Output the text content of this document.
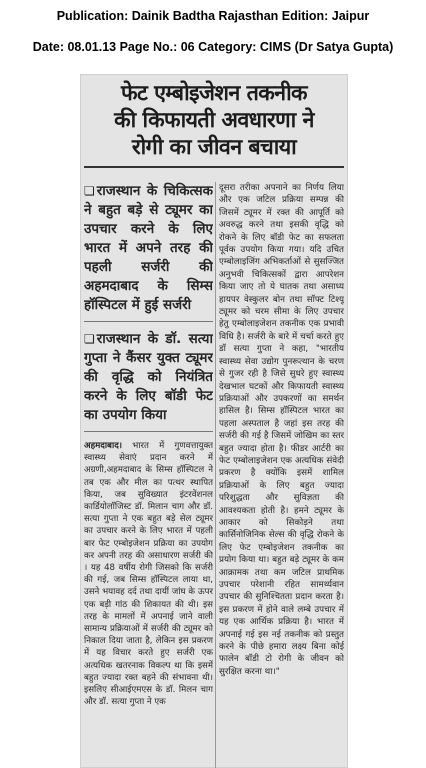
Publication: Dainik Badtha Rajasthan Edition: Jaipur
Date: 08.01.13 Page No.: 06 Category: CIMS (Dr Satya Gupta)
फेट एम्बोइजेशन तकनीक
की किफायती अवधारणा ने
रोगी का जीवन बचाया

❏ राजस्थान के चिकित्सक ने बहुत बड़े से ट्यूमर का उपचार करने के लिए भारत में अपने तरह की पहली सर्जरी की अहमदाबाद के सिम्स हॉस्पिटल में हुई सर्जरी

❏ राजस्थान के डॉ. सत्या गुप्ता ने कैंसर युक्त ट्यूमर की वृद्धि को नियंत्रित करने के लिए बॉडी फेट का उपयोग किया

अहमदाबाद। भारत में गुणवत्तायुक्त स्वास्थ्य सेवाएं प्रदान करने में अग्रणी,अहमदाबाद के सिम्स हॉस्पिटल ने तब एक और मील का पत्थर स्थापित किया, जब सुविख्यात इंटरवेंशनल कार्डियोलॉजिस्ट डॉ. मिलान चाग और डॉ. सत्या गुप्ता ने एक बहुत बड़े सेल ट्यूमर का उपचार करने के लिए भारत में पहली बार फेट एम्बोइजेशन प्रक्रिया का उपयोग कर अपनी तरह की असाधारण सर्जरी की । यह 48 वर्षीय रोगी जिसको कि सर्जरी की गई, जब सिम्स हॉस्पिटल लाया था, उसने भयावह दर्द तथा दायीं जांघ के ऊपर एक बड़ी गांठ की शिकायत की थी। इस तरह के मामलों में अपनाई जाने वाली सामान्य प्रक्रियाओं में सर्जरी की ट्यूमर को निकाल दिया जाता है, लेकिन इस प्रकरण में यह विचार करते हुए सर्जरी एक अत्यधिक खतरनाक विकल्प था कि इसमें बहुत ज्यादा रक्त बहने की संभावना थी। इसलिए सीआईएमएस के डॉ. मिलन चाग और डॉ. सत्या गुप्ता ने एक

दूसरा तरीका अपनाने का निर्णय लिया और एक जटिल प्रक्रिया सम्पन्न की जिसमें ट्यूमर में रक्त की आपूर्ति को अवरुद्ध करने तथा इसकी वृद्धि को रोकने के लिए बॉडी फेट का सफलता पूर्वक उपयोग किया गया। यदि उचित एम्बोलाइजिंग अभिकर्ताओं से सुसज्जित अनुभवी चिकित्सकों द्वारा आपरेशन किया जाए तो ये घातक तथा असाध्य हायपर वेस्कुलर बोन तथा सॉफ्ट टिश्यू ट्यूमर को चरम सीमा के लिए उपचार हेतु एम्बोलाइजेशन तकनीक एक प्रभावी विधि है। सर्जरी के बारे में चर्चा करते हुए डॉ सत्या गुप्ता ने कहा, "भारतीय स्वास्थ्य सेवा उद्योग पुनरूत्थान के चरण से गुजर रही है जिसे सुधरे हुए स्वास्थ्य देखभाल घटकों और किफायती स्वास्थ्य प्रक्रियाओं और उपकरणों का समर्थन हासिल है। सिम्स हॉस्पिटल भारत का पहला अस्पताल है जहां इस तरह की सर्जरी की गई है जिसमें जोखिम का स्तर बहुत ज्यादा होता है। फीडर आर्टरी का फेट एम्बोलाइजेशन एक अत्यधिक संवेदी प्रकरण है क्योंकि इसमें शामिल प्रक्रियाओं के लिए बहुत ज्यादा परिशुद्धता और सुविज्ञता की आवश्यकता होती है। हमने ट्यूमर के आकार को सिकोड़ने तथा कार्सिनोजिनिक सेल्स की वृद्धि रोकने के लिए फेट एम्बोइजेशन तकनीक का प्रयोग किया था। बहुत बड़े ट्यूमर के कम आक्रामक तथा कम जटिल प्राथमिक उपचार परेशानी रहित सामर्थ्यवान उपचार की सुनिश्चितता प्रदान करता है। इस प्रकरण में होने वाले लम्बे उपचार में यह एक आर्थिक प्रक्रिया है। भारत में अपनाई गई इस नई तकनीक को प्रस्तुत करने के पीछे हमारा लक्ष्य बिना कोई फालेन बॉडी टो रोगी के जीवन को सुरक्षित करना था।"
